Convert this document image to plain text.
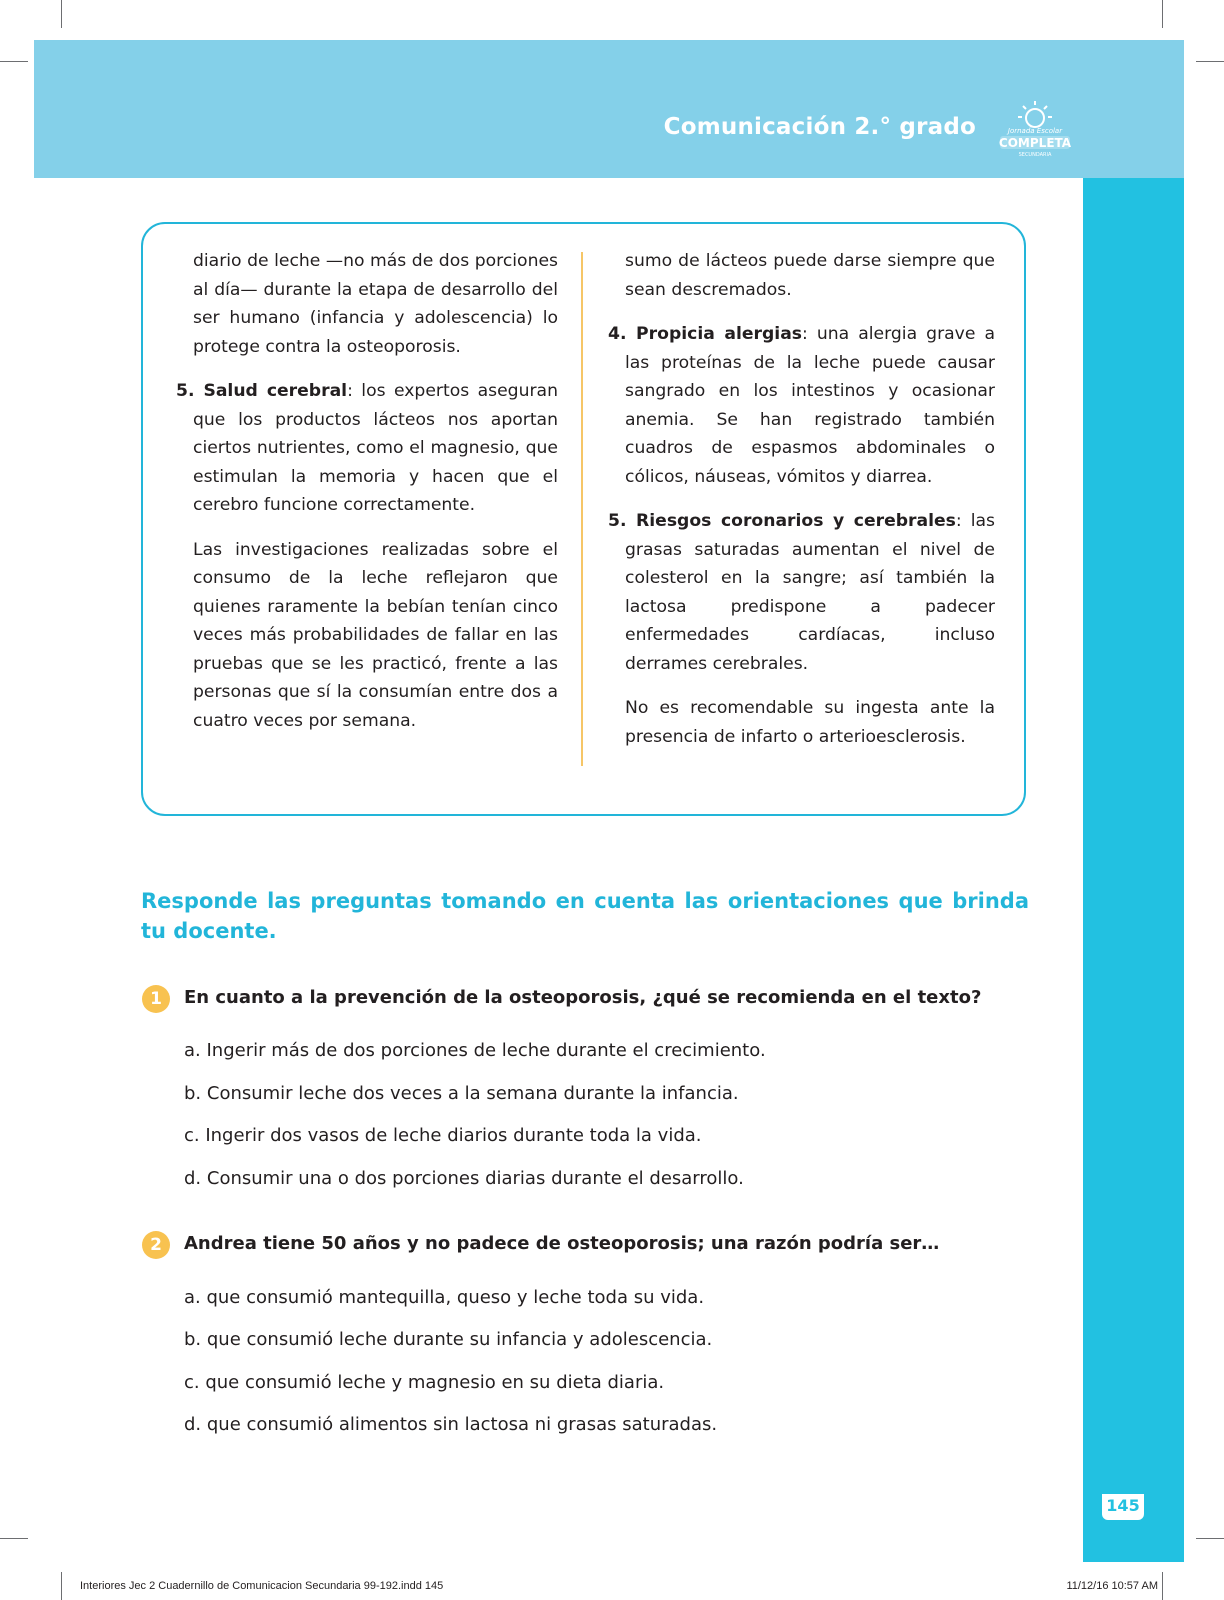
Comunicación 2.° grado	Jornada Escolar
COMPLETA
SECUNDARIA
145

diario de leche —no más de dos porciones al día— durante la etapa de desarrollo del ser humano (infancia y adolescencia) lo protege contra la osteoporosis.

5. Salud cerebral: los expertos aseguran que los productos lácteos nos aportan ciertos nutrientes, como el magnesio, que estimulan la memoria y hacen que el cerebro funcione correctamente.

Las investigaciones realizadas sobre el consumo de la leche reflejaron que quienes raramente la bebían tenían cinco veces más probabilidades de fallar en las pruebas que se les practicó, frente a las personas que sí la consumían entre dos a cuatro veces por semana.

sumo de lácteos puede darse siempre que sean descremados.

4. Propicia alergias: una alergia grave a las proteínas de la leche puede causar sangrado en los intestinos y ocasionar anemia. Se han registrado también cuadros de espasmos abdominales o cólicos, náuseas, vómitos y diarrea.

5. Riesgos coronarios y cerebrales: las grasas saturadas aumentan el nivel de colesterol en la sangre; así también la lactosa predispone a padecer enfermedades cardíacas, incluso derrames cerebrales.

No es recomendable su ingesta ante la presencia de infarto o arterioesclerosis.

Responde las preguntas tomando en cuenta las orientaciones que brinda tu docente.

1	En cuanto a la prevención de la osteoporosis, ¿qué se recomienda en el texto?
a. Ingerir más de dos porciones de leche durante el crecimiento.
b. Consumir leche dos veces a la semana durante la infancia.
c. Ingerir dos vasos de leche diarios durante toda la vida.
d. Consumir una o dos porciones diarias durante el desarrollo.
2	Andrea tiene 50 años y no padece de osteoporosis; una razón podría ser…
a. que consumió mantequilla, queso y leche toda su vida.
b. que consumió leche durante su infancia y adolescencia.
c. que consumió leche y magnesio en su dieta diaria.
d. que consumió alimentos sin lactosa ni grasas saturadas.
Interiores Jec 2 Cuadernillo de Comunicacion Secundaria 99-192.indd 145	11/12/16 10:57 AM
